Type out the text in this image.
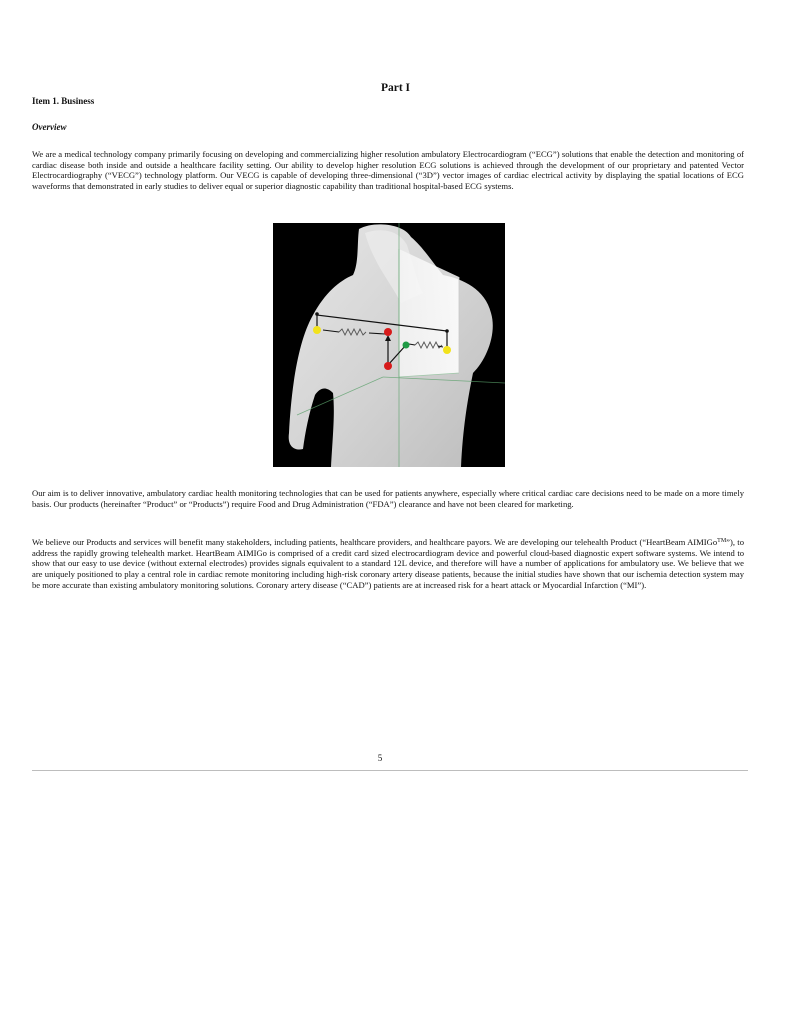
Part I
Item 1. Business
Overview

We are a medical technology company primarily focusing on developing and commercializing higher resolution ambulatory Electrocardiogram (“ECG”) solutions that enable the detection and monitoring of cardiac disease both inside and outside a healthcare facility setting. Our ability to develop higher resolution ECG solutions is achieved through the development of our proprietary and patented Vector Electrocardiography (“VECG”) technology platform. Our VECG is capable of developing three-dimensional (“3D”) vector images of cardiac electrical activity by displaying the spatial locations of ECG waveforms that demonstrated in early studies to deliver equal or superior diagnostic capability than traditional hospital-based ECG systems.

Our aim is to deliver innovative, ambulatory cardiac health monitoring technologies that can be used for patients anywhere, especially where critical cardiac care decisions need to be made on a more timely basis. Our products (hereinafter “Product” or “Products”) require Food and Drug Administration (“FDA”) clearance and have not been cleared for marketing.

We believe our Products and services will benefit many stakeholders, including patients, healthcare providers, and healthcare payors. We are developing our telehealth Product (“HeartBeam AIMIGo™”), to address the rapidly growing telehealth market. HeartBeam AIMIGo is comprised of a credit card sized electrocardiogram device and powerful cloud-based diagnostic expert software systems. We intend to show that our easy to use device (without external electrodes) provides signals equivalent to a standard 12L device, and therefore will have a number of applications for ambulatory use. We believe that we are uniquely positioned to play a central role in cardiac remote monitoring including high-risk coronary artery disease patients, because the initial studies have shown that our ischemia detection system may be more accurate than existing ambulatory monitoring solutions. Coronary artery disease (“CAD”) patients are at increased risk for a heart attack or Myocardial Infarction (“MI”).

5
